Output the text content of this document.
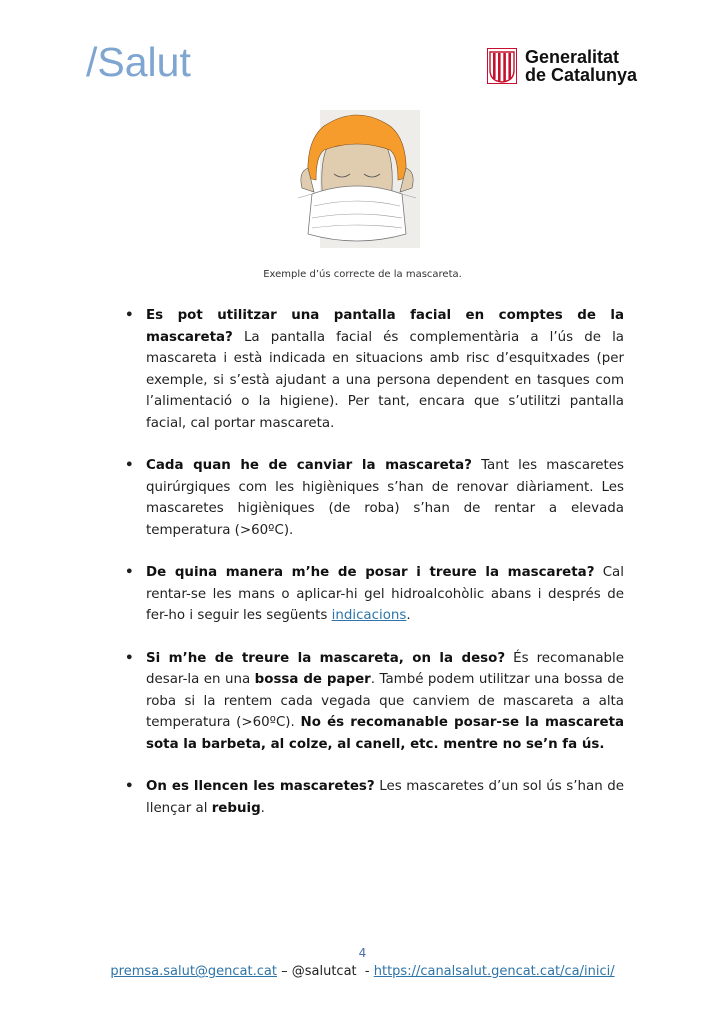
/Salut	Generalitat
de Catalunya
Exemple d’ús correcte de la mascareta.
• Es pot utilitzar una pantalla facial en comptes de la mascareta? La pantalla facial és complementària a l’ús de la mascareta i està indicada en situacions amb risc d’esquitxades (per exemple, si s’està ajudant a una persona dependent en tasques com l’alimentació o la higiene). Per tant, encara que s’utilitzi pantalla facial, cal portar mascareta.
• Cada quan he de canviar la mascareta? Tant les mascaretes quirúrgiques com les higièniques s’han de renovar diàriament. Les mascaretes higièniques (de roba) s’han de rentar a elevada temperatura (>60ºC).
• De quina manera m’he de posar i treure la mascareta? Cal rentar-se les mans o aplicar-hi gel hidroalcohòlic abans i després de fer-ho i seguir les següents indicacions.
• Si m’he de treure la mascareta, on la deso? És recomanable desar-la en una bossa de paper. També podem utilitzar una bossa de roba si la rentem cada vegada que canviem de mascareta a alta temperatura (>60ºC). No és recomanable posar-se la mascareta sota la barbeta, al colze, al canell, etc. mentre no se’n fa ús.
• On es llencen les mascaretes? Les mascaretes d’un sol ús s’han de llençar al rebuig.
4
premsa.salut@gencat.cat – @salutcat  - https://canalsalut.gencat.cat/ca/inici/
